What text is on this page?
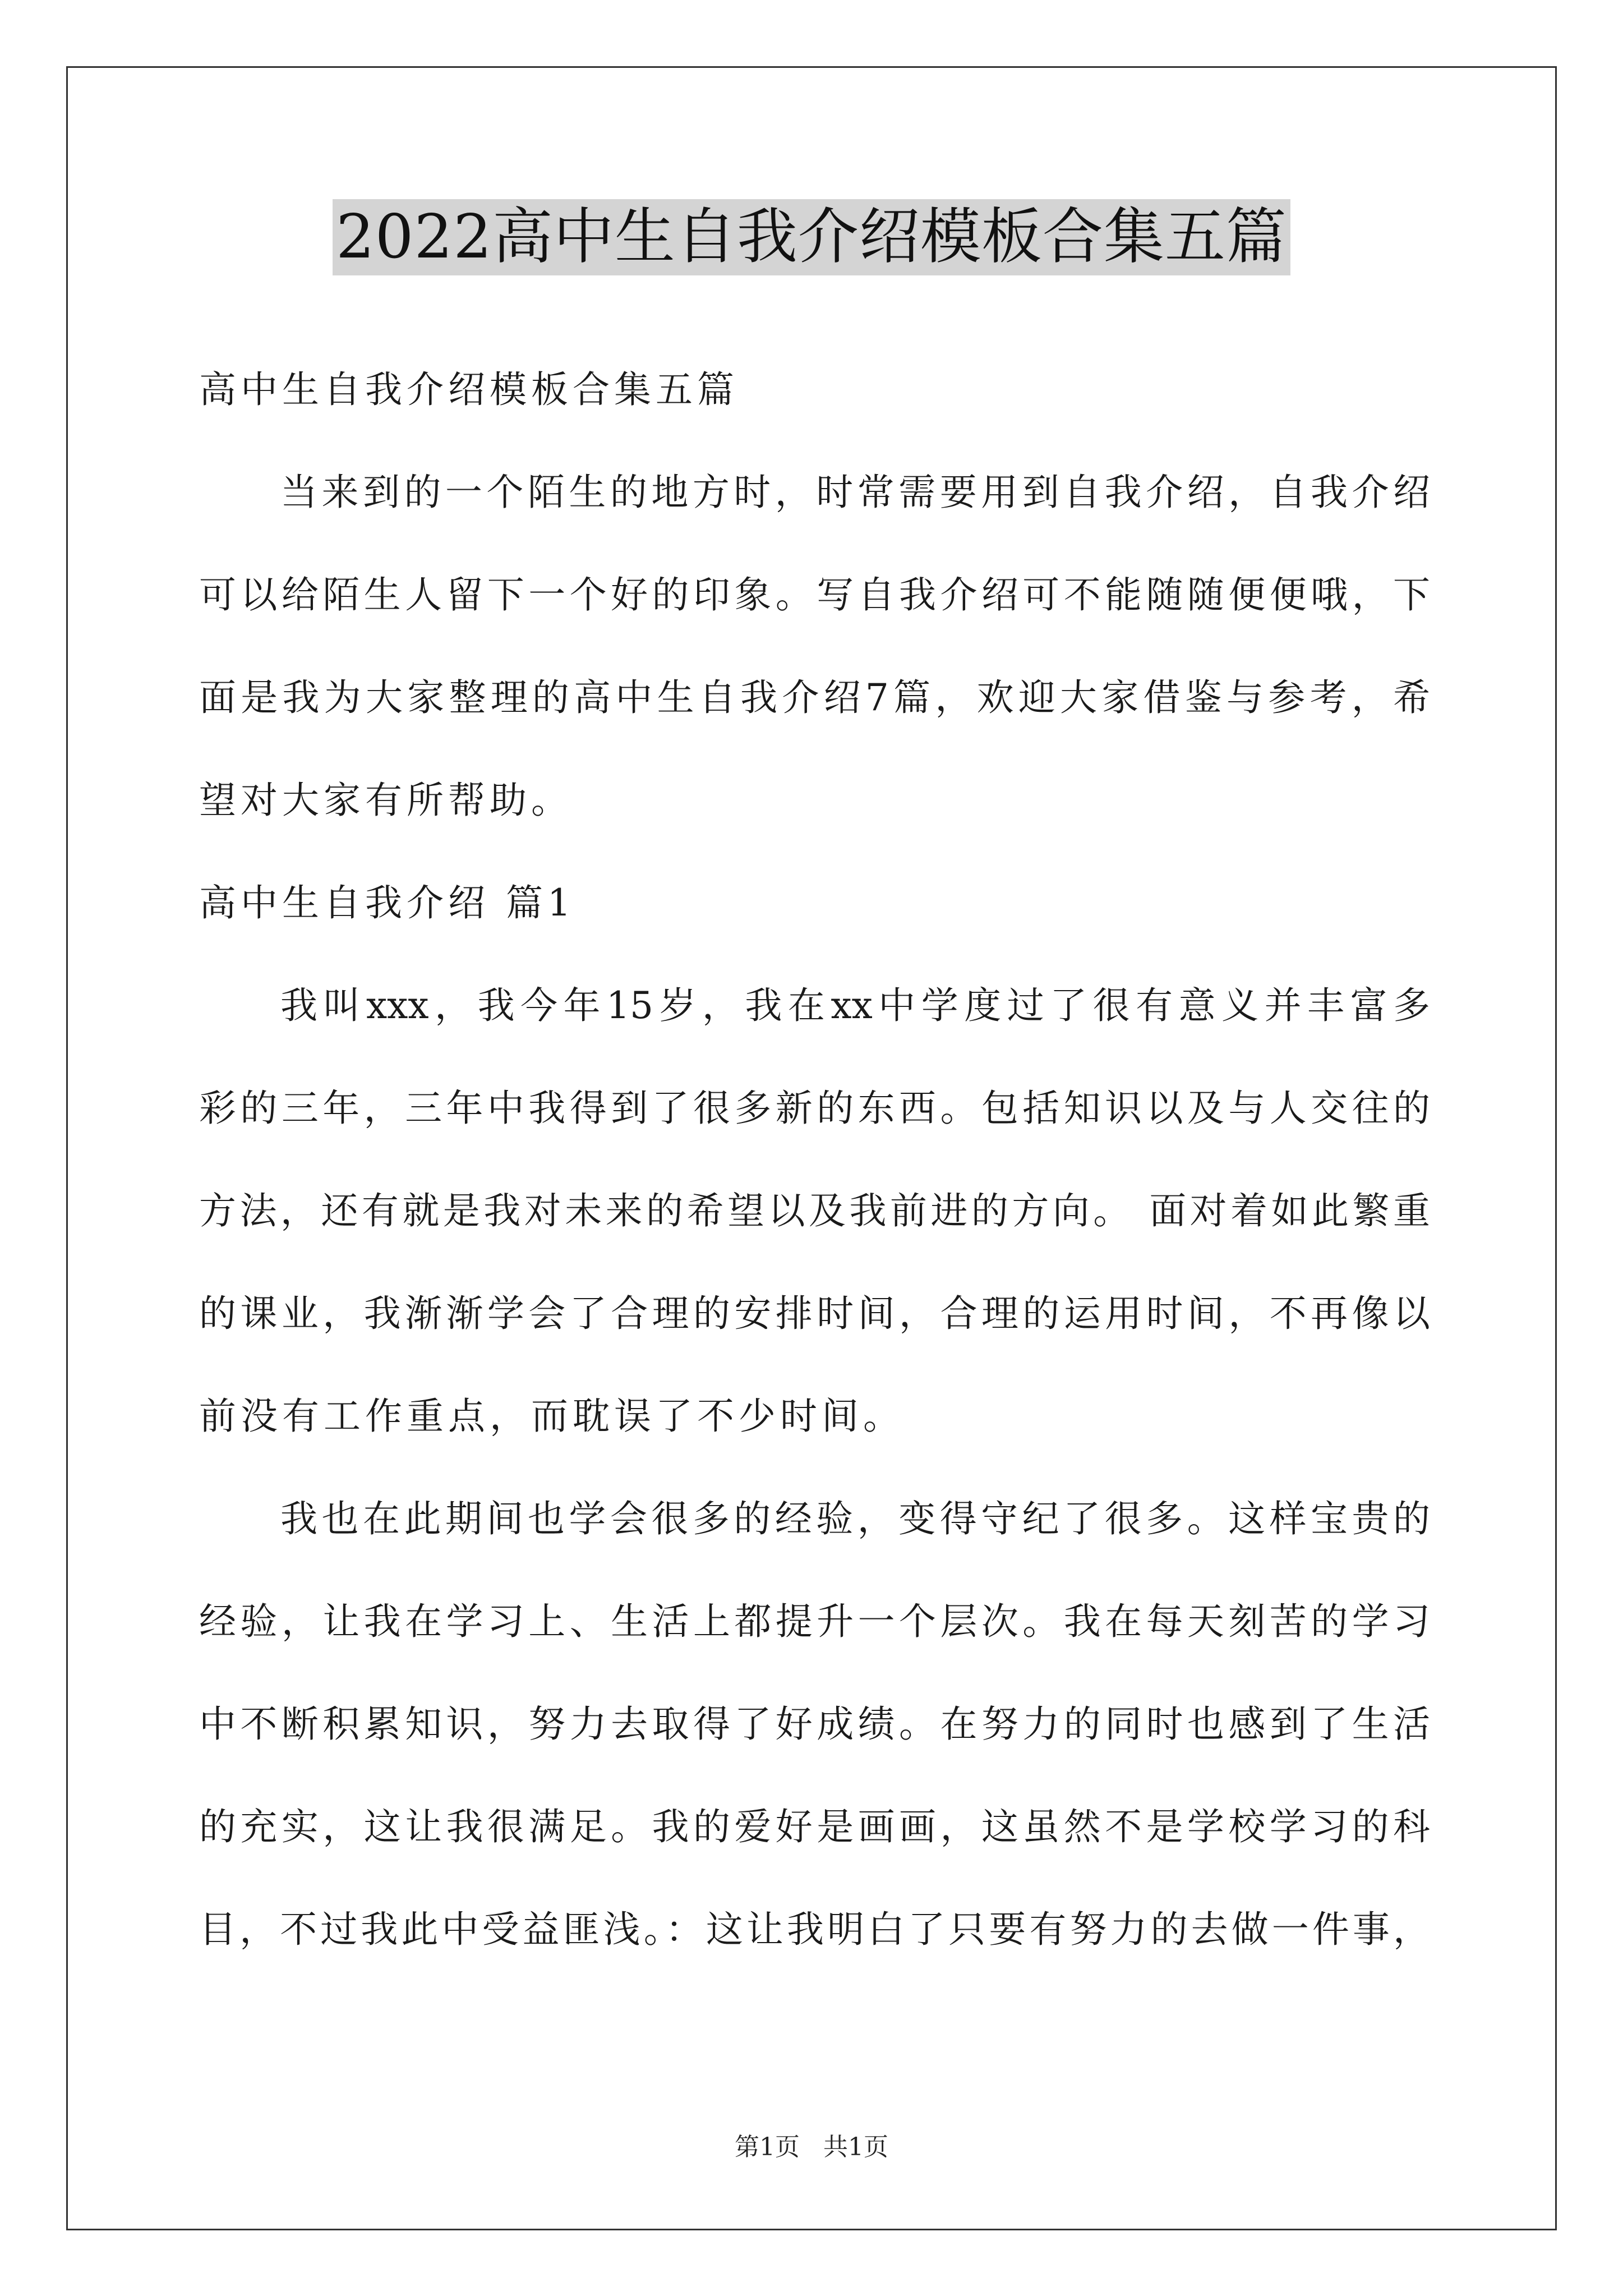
2022高中生自我介绍模板合集五篇
高中生自我介绍模板合集五篇
当来到的一个陌生的地方时，时常需要用到自我介绍，自我介绍
可以给陌生人留下一个好的印象。写自我介绍可不能随随便便哦，下
面是我为大家整理的高中生自我介绍7篇，欢迎大家借鉴与参考，希
望对大家有所帮助。
高中生自我介绍 篇1
我叫xxx，我今年15岁，我在xx中学度过了很有意义并丰富多
彩的三年，三年中我得到了很多新的东西。包括知识以及与人交往的
方法，还有就是我对未来的希望以及我前进的方向。 面对着如此繁重
的课业，我渐渐学会了合理的安排时间，合理的运用时间，不再像以
前没有工作重点，而耽误了不少时间。
我也在此期间也学会很多的经验，变得守纪了很多。这样宝贵的
经验，让我在学习上、生活上都提升一个层次。我在每天刻苦的学习
中不断积累知识，努力去取得了好成绩。在努力的同时也感到了生活
的充实，这让我很满足。我的爱好是画画，这虽然不是学校学习的科
目，不过我此中受益匪浅。：这让我明白了只要有努力的去做一件事，
第1页 共1页
